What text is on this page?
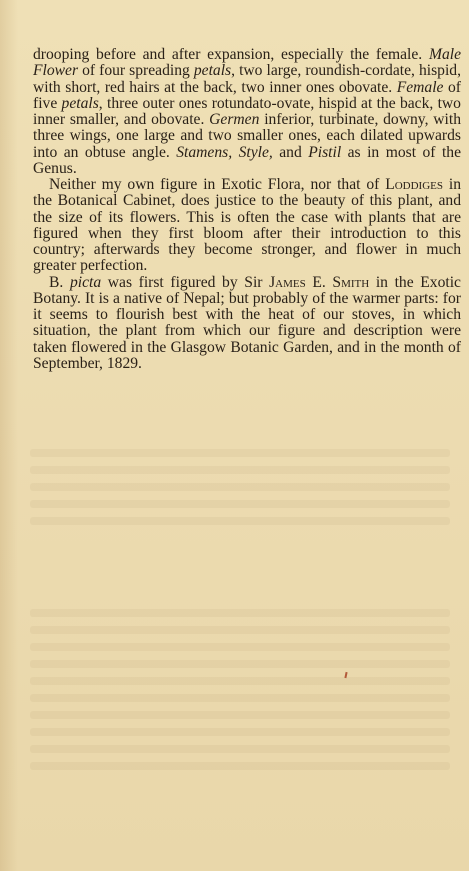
drooping before and after expansion, especially the female. Male Flower of four spreading petals, two large, roundish-cordate, hispid, with short, red hairs at the back, two inner ones obovate. Female of five petals, three outer ones rotundato-ovate, hispid at the back, two inner smaller, and obovate. Germen inferior, turbinate, downy, with three wings, one large and two smaller ones, each dilated upwards into an obtuse angle. Stamens, Style, and Pistil as in most of the Genus.

Neither my own figure in Exotic Flora, nor that of Loddiges in the Botanical Cabinet, does justice to the beauty of this plant, and the size of its flowers. This is often the case with plants that are figured when they first bloom after their introduction to this country; afterwards they become stronger, and flower in much greater perfection.

B. picta was first figured by Sir James E. Smith in the Exotic Botany. It is a native of Nepal; but probably of the warmer parts: for it seems to flourish best with the heat of our stoves, in which situation, the plant from which our figure and description were taken flowered in the Glasgow Botanic Garden, and in the month of September, 1829.
